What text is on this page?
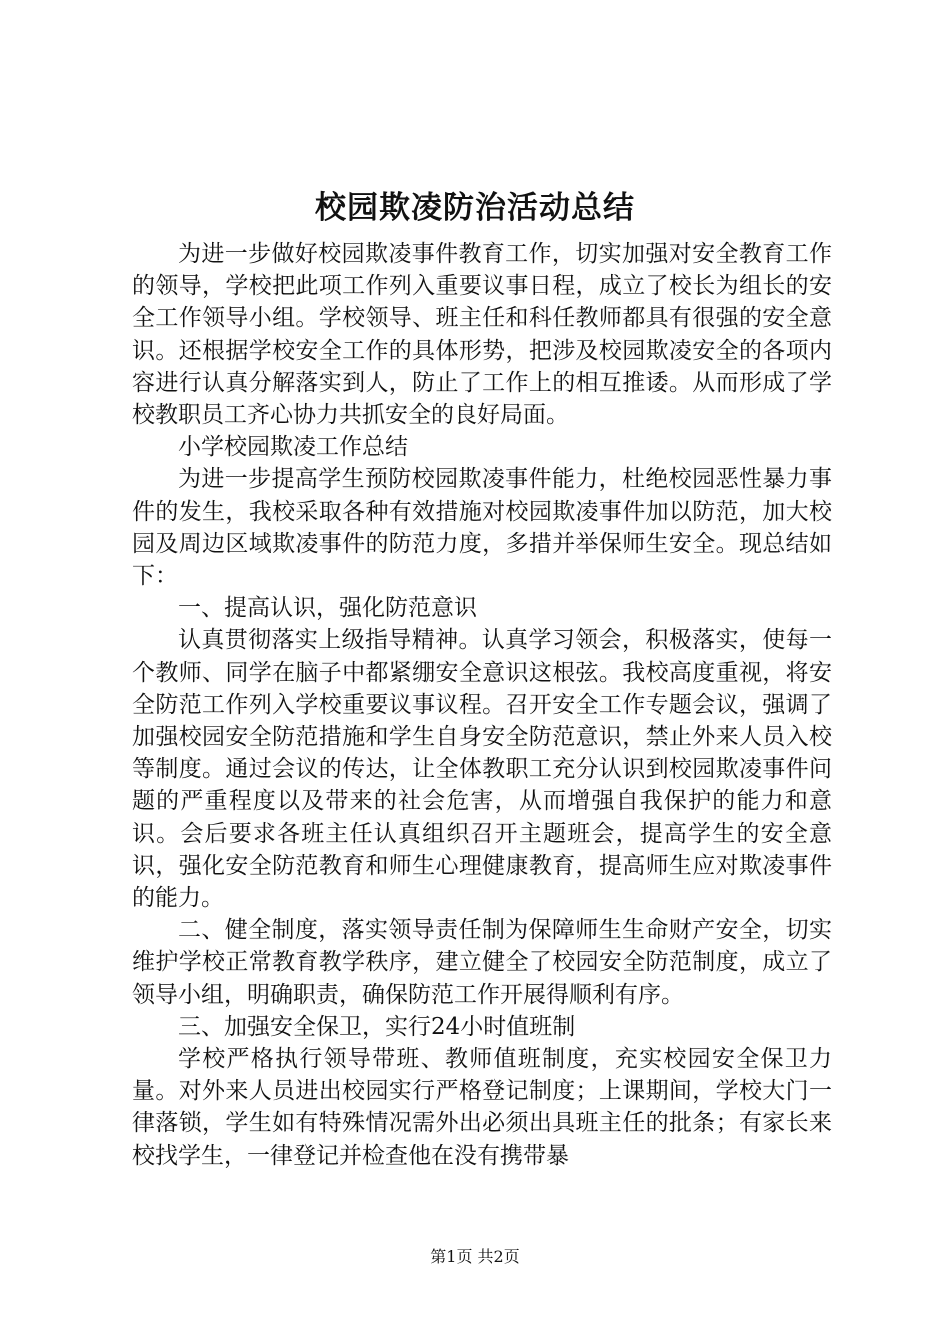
校园欺凌防治活动总结

为进一步做好校园欺凌事件教育工作，切实加强对安全教育工作的领导，学校把此项工作列入重要议事日程，成立了校长为组长的安全工作领导小组。学校领导、班主任和科任教师都具有很强的安全意识。还根据学校安全工作的具体形势，把涉及校园欺凌安全的各项内容进行认真分解落实到人，防止了工作上的相互推诿。从而形成了学校教职员工齐心协力共抓安全的良好局面。

小学校园欺凌工作总结

为进一步提高学生预防校园欺凌事件能力，杜绝校园恶性暴力事件的发生，我校采取各种有效措施对校园欺凌事件加以防范，加大校园及周边区域欺凌事件的防范力度，多措并举保师生安全。现总结如下：

一、提高认识，强化防范意识

认真贯彻落实上级指导精神。认真学习领会，积极落实，使每一个教师、同学在脑子中都紧绷安全意识这根弦。我校高度重视，将安全防范工作列入学校重要议事议程。召开安全工作专题会议，强调了加强校园安全防范措施和学生自身安全防范意识，禁止外来人员入校等制度。通过会议的传达，让全体教职工充分认识到校园欺凌事件问题的严重程度以及带来的社会危害，从而增强自我保护的能力和意识。会后要求各班主任认真组织召开主题班会，提高学生的安全意识，强化安全防范教育和师生心理健康教育，提高师生应对欺凌事件的能力。

二、健全制度，落实领导责任制为保障师生生命财产安全，切实维护学校正常教育教学秩序，建立健全了校园安全防范制度，成立了领导小组，明确职责，确保防范工作开展得顺利有序。

三、加强安全保卫，实行24小时值班制

学校严格执行领导带班、教师值班制度，充实校园安全保卫力量。对外来人员进出校园实行严格登记制度；上课期间，学校大门一律落锁，学生如有特殊情况需外出必须出具班主任的批条；有家长来校找学生，一律登记并检查他在没有携带暴

第1页 共2页
